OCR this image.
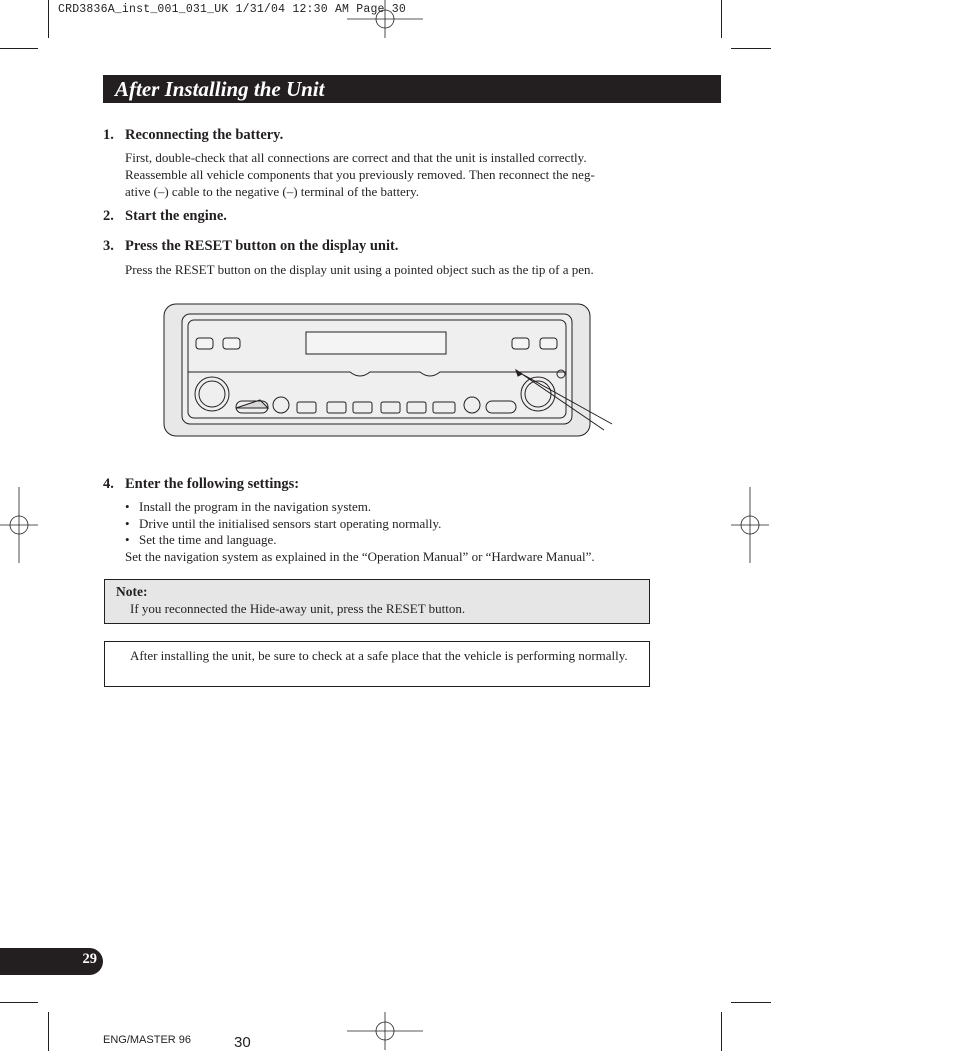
CRD3836A_inst_001_031_UK 1/31/04 12:30 AM Page 30
After Installing the Unit
1. Reconnecting the battery.

First, double-check that all connections are correct and that the unit is installed correctly.

Reassemble all vehicle components that you previously removed. Then reconnect the neg-

ative (–) cable to the negative (–) terminal of the battery.

2. Start the engine.
3. Press the RESET button on the display unit.

Press the RESET button on the display unit using a pointed object such as the tip of a pen.

4. Enter the following settings:
• Install the program in the navigation system.
• Drive until the initialised sensors start operating normally.
• Set the time and language.
Set the navigation system as explained in the “Operation Manual” or “Hardware Manual”.
Note:
If you reconnected the Hide-away unit, press the RESET button.
After installing the unit, be sure to check at a safe place that the vehicle is performing normally.
29
ENG/MASTER 96	30
